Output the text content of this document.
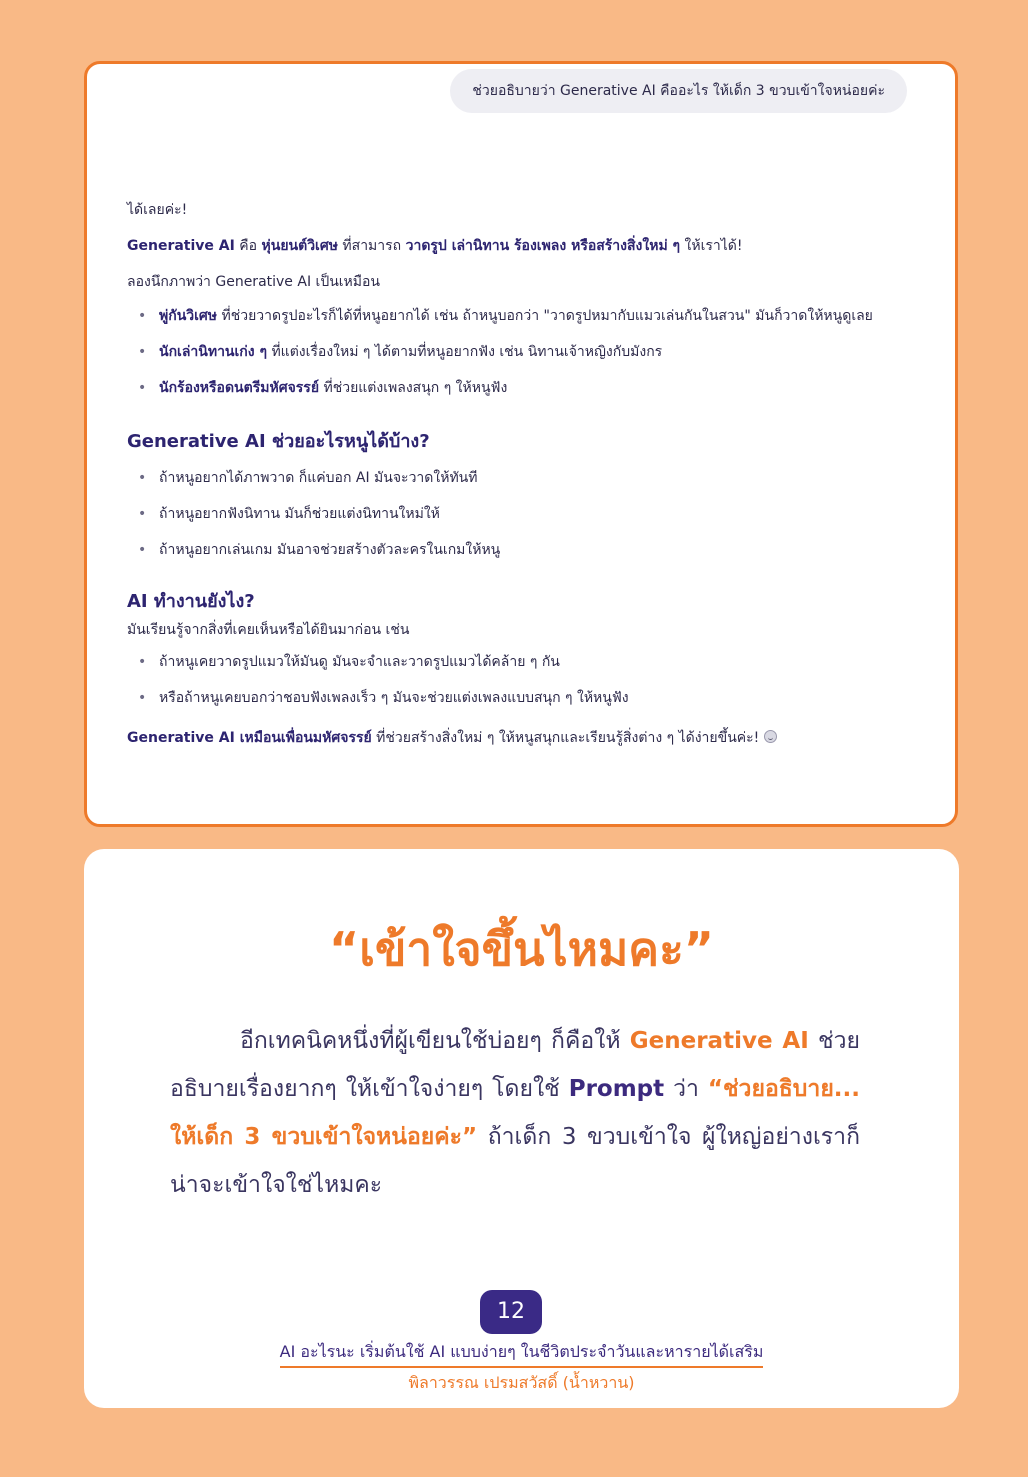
ช่วยอธิบายว่า Generative AI คืออะไร ให้เด็ก 3 ขวบเข้าใจหน่อยค่ะ

ได้เลยค่ะ!

Generative AI คือ หุ่นยนต์วิเศษ ที่สามารถ วาดรูป เล่านิทาน ร้องเพลง หรือสร้างสิ่งใหม่ ๆ ให้เราได้!

ลองนึกภาพว่า Generative AI เป็นเหมือน

• พู่กันวิเศษ ที่ช่วยวาดรูปอะไรก็ได้ที่หนูอยากได้ เช่น ถ้าหนูบอกว่า "วาดรูปหมากับแมวเล่นกันในสวน" มันก็วาดให้หนูดูเลย
• นักเล่านิทานเก่ง ๆ ที่แต่งเรื่องใหม่ ๆ ได้ตามที่หนูอยากฟัง เช่น นิทานเจ้าหญิงกับมังกร
• นักร้องหรือดนตรีมหัศจรรย์ ที่ช่วยแต่งเพลงสนุก ๆ ให้หนูฟัง
Generative AI ช่วยอะไรหนูได้บ้าง?
• ถ้าหนูอยากได้ภาพวาด ก็แค่บอก AI มันจะวาดให้ทันที
• ถ้าหนูอยากฟังนิทาน มันก็ช่วยแต่งนิทานใหม่ให้
• ถ้าหนูอยากเล่นเกม มันอาจช่วยสร้างตัวละครในเกมให้หนู
AI ทำงานยังไง?

มันเรียนรู้จากสิ่งที่เคยเห็นหรือได้ยินมาก่อน เช่น

• ถ้าหนูเคยวาดรูปแมวให้มันดู มันจะจำและวาดรูปแมวได้คล้าย ๆ กัน
• หรือถ้าหนูเคยบอกว่าชอบฟังเพลงเร็ว ๆ มันจะช่วยแต่งเพลงแบบสนุก ๆ ให้หนูฟัง

Generative AI เหมือนเพื่อนมหัศจรรย์ ที่ช่วยสร้างสิ่งใหม่ ๆ ให้หนูสนุกและเรียนรู้สิ่งต่าง ๆ ได้ง่ายขึ้นค่ะ!

“เข้าใจขึ้นไหมคะ”

อีกเทคนิคหนึ่งที่ผู้เขียนใช้บ่อยๆ ก็คือให้ Generative AI ช่วยอธิบายเรื่องยากๆ ให้เข้าใจง่ายๆ โดยใช้ Prompt ว่า “ช่วยอธิบาย... ให้เด็ก 3 ขวบเข้าใจหน่อยค่ะ” ถ้าเด็ก 3 ขวบเข้าใจ ผู้ใหญ่อย่างเราก็น่าจะเข้าใจใช่ไหมคะ

12
AI อะไรนะ เริ่มต้นใช้ AI แบบง่ายๆ ในชีวิตประจำวันและหารายได้เสริม
พิลาวรรณ เปรมสวัสดิ์ (น้ำหวาน)
